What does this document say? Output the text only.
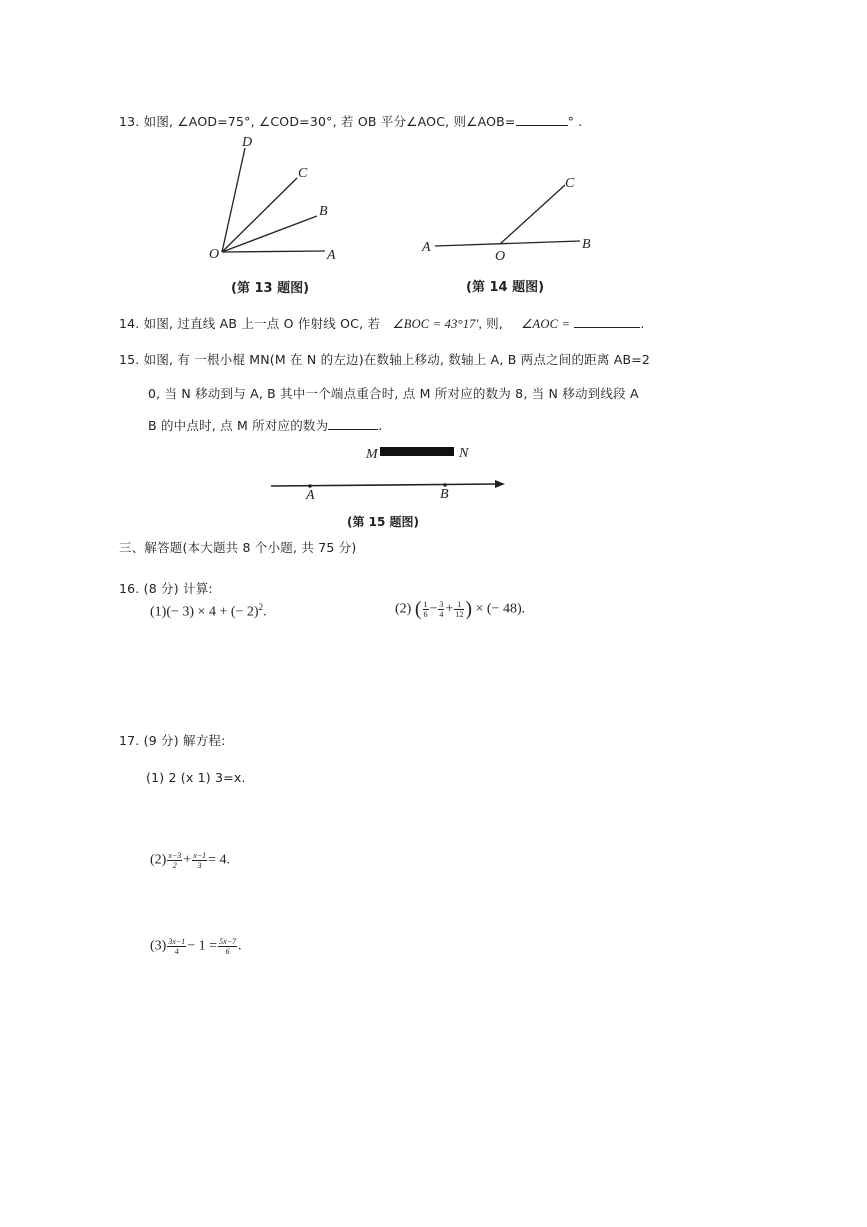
13. 如图, ∠AOD=75°, ∠COD=30°, 若 OB 平分∠AOC, 则∠AOB=	° .
D
C
B
O	A
(第 13 题图)
A
O
B
C
(第 14 题图)
14. 如图, 过直线 AB 上一点 O 作射线 OC, 若 ∠BOC = 43°17′, 则, ∠AOC =	.
15. 如图, 有 一根小棍 MN(M 在 N 的左边)在数轴上移动, 数轴上 A, B 两点之间的距离 AB=2
0, 当 N 移动到与 A, B 其中一个端点重合时, 点 M 所对应的数为 8, 当 N 移动到线段 A
B 的中点时, 点 M 所对应的数为	.
M	N
A	B
(第 15 题图)
三、解答题(本大题共 8 个小题, 共 75 分)
16. (8 分) 计算:
(1)(− 3) × 4 + (− 2)$^2$.	(2) ( $\frac{1}{6} - \frac{3}{4} + \frac{1}{12}$ ) × (− 48).
17. (9 分) 解方程:
(1) 2 (x 1) 3=x.
$(2) \frac{x-3}{2} + \frac{x-1}{3} = 4$.
$(3) \frac{3x-1}{4} - 1 = \frac{5x-7}{6}$ .
